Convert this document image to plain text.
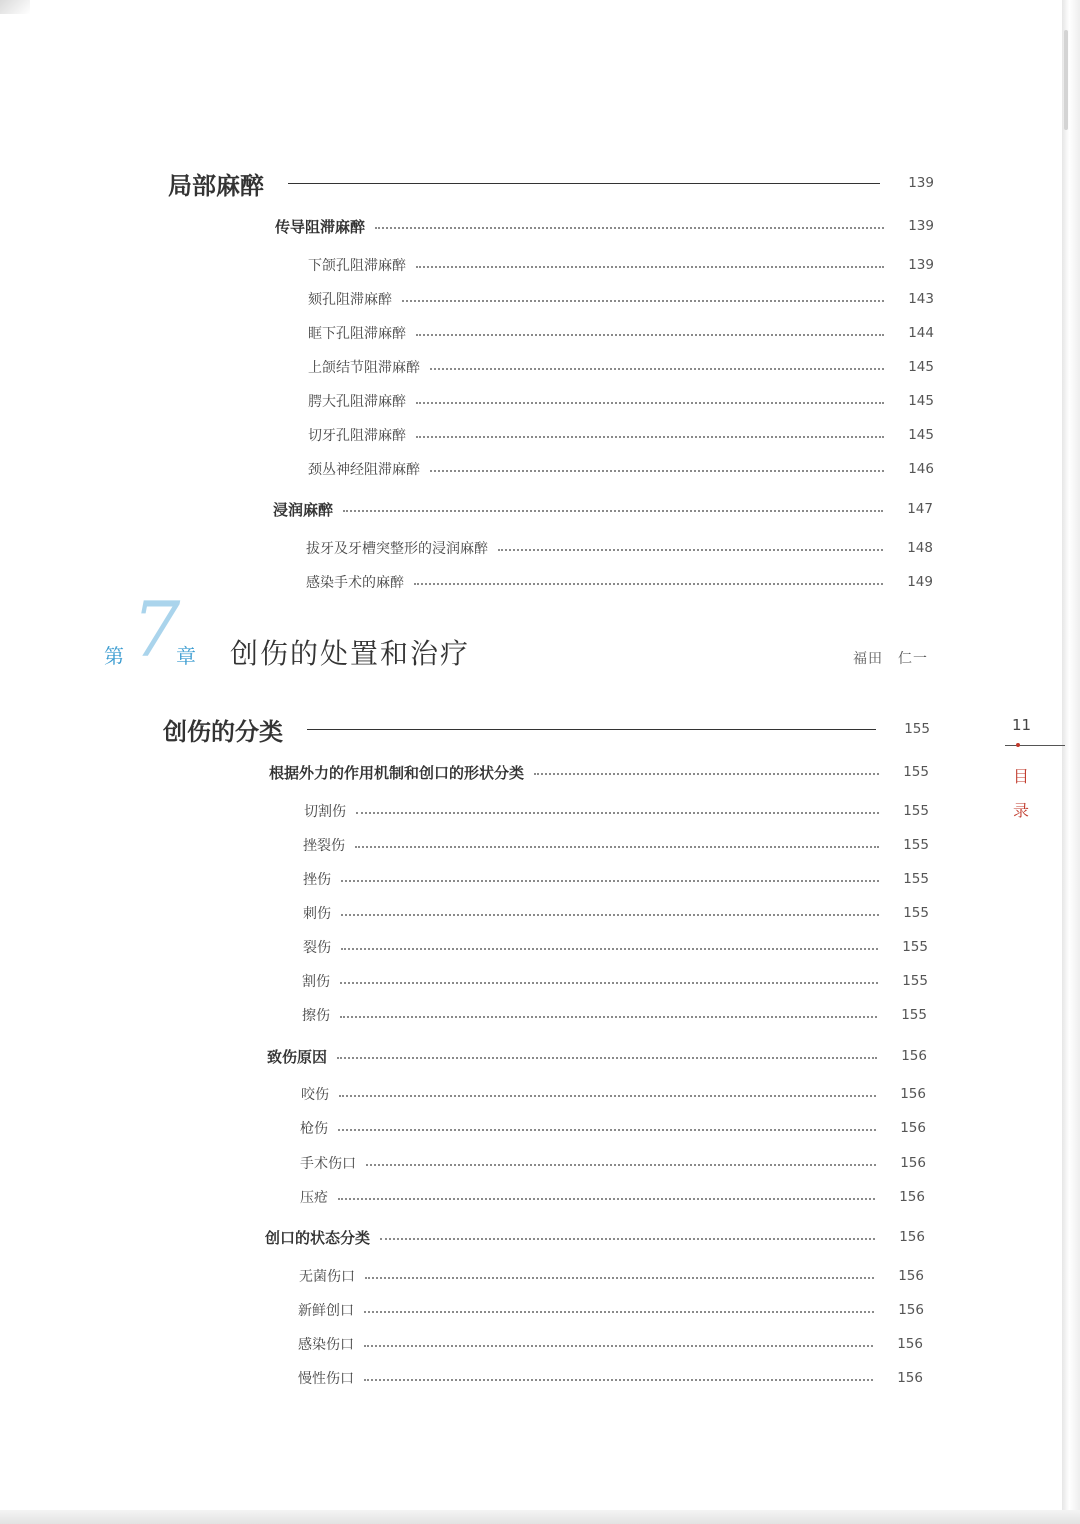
局部麻醉	139
传导阻滞麻醉	139
下颌孔阻滞麻醉	139
颏孔阻滞麻醉	143
眶下孔阻滞麻醉	144
上颌结节阻滞麻醉	145
腭大孔阻滞麻醉	145
切牙孔阻滞麻醉	145
颈丛神经阻滞麻醉	146
浸润麻醉	147
拔牙及牙槽突整形的浸润麻醉	148
感染手术的麻醉	149
第 7
章 创伤的处置和治疗	福田　仁一
创伤的分类	155
根据外力的作用机制和创口的形状分类	155
切割伤	155
挫裂伤	155
挫伤	155
刺伤	155
裂伤	155
割伤	155
擦伤	155
致伤原因	156
咬伤	156
枪伤	156
手术伤口	156
压疮	156
创口的状态分类	156
无菌伤口	156
新鲜创口	156
感染伤口	156
慢性伤口	156
11
目录
